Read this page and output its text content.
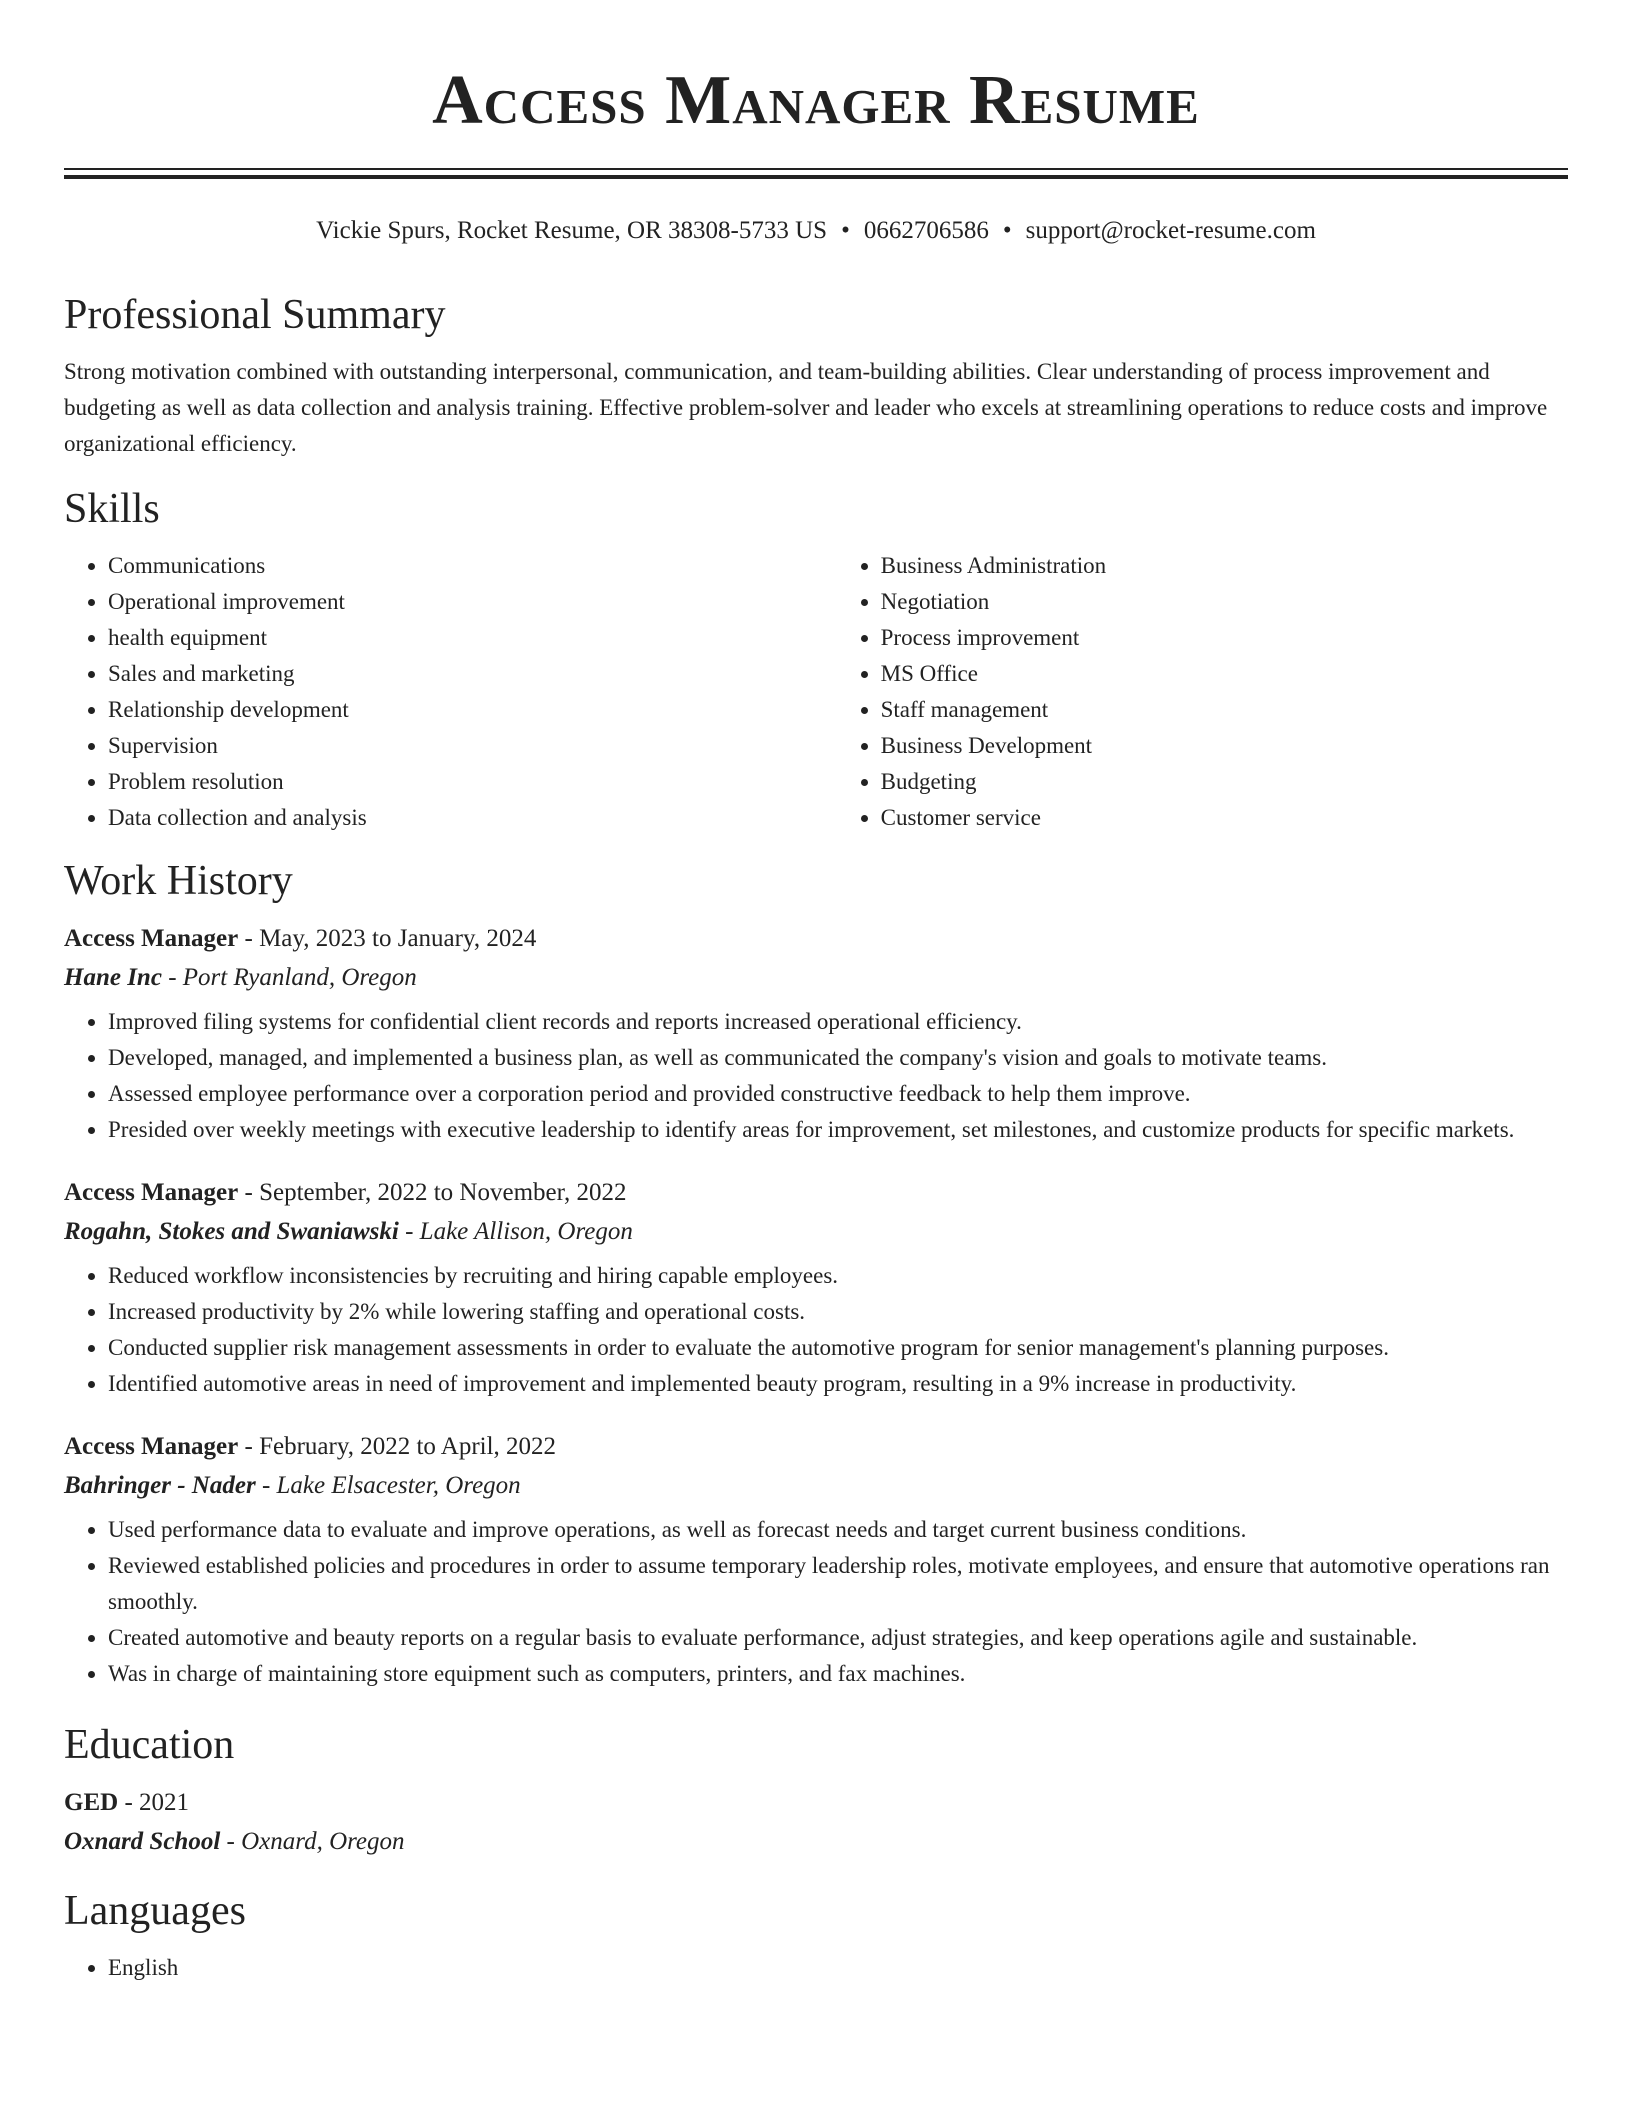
Access Manager Resume
Vickie Spurs, Rocket Resume, OR 38308-5733 US • 0662706586 • support@rocket-resume.com
Professional Summary

Strong motivation combined with outstanding interpersonal, communication, and team-building abilities. Clear understanding of process improvement and budgeting as well as data collection and analysis training. Effective problem-solver and leader who excels at streamlining operations to reduce costs and improve organizational efficiency.

Skills
• Communications
• Operational improvement
• health equipment
• Sales and marketing
• Relationship development
• Supervision
• Problem resolution
• Data collection and analysis
• Business Administration
• Negotiation
• Process improvement
• MS Office
• Staff management
• Business Development
• Budgeting
• Customer service
Work History

Access Manager - May, 2023 to January, 2024

Hane Inc - Port Ryanland, Oregon

• Improved filing systems for confidential client records and reports increased operational efficiency.
• Developed, managed, and implemented a business plan, as well as communicated the company's vision and goals to motivate teams.
• Assessed employee performance over a corporation period and provided constructive feedback to help them improve.
• Presided over weekly meetings with executive leadership to identify areas for improvement, set milestones, and customize products for specific markets.

Access Manager - September, 2022 to November, 2022

Rogahn, Stokes and Swaniawski - Lake Allison, Oregon

• Reduced workflow inconsistencies by recruiting and hiring capable employees.
• Increased productivity by 2% while lowering staffing and operational costs.
• Conducted supplier risk management assessments in order to evaluate the automotive program for senior management's planning purposes.
• Identified automotive areas in need of improvement and implemented beauty program, resulting in a 9% increase in productivity.

Access Manager - February, 2022 to April, 2022

Bahringer - Nader - Lake Elsacester, Oregon

• Used performance data to evaluate and improve operations, as well as forecast needs and target current business conditions.
• Reviewed established policies and procedures in order to assume temporary leadership roles, motivate employees, and ensure that automotive operations ran smoothly.
• Created automotive and beauty reports on a regular basis to evaluate performance, adjust strategies, and keep operations agile and sustainable.
• Was in charge of maintaining store equipment such as computers, printers, and fax machines.
Education

GED - 2021

Oxnard School - Oxnard, Oregon

Languages
• English
